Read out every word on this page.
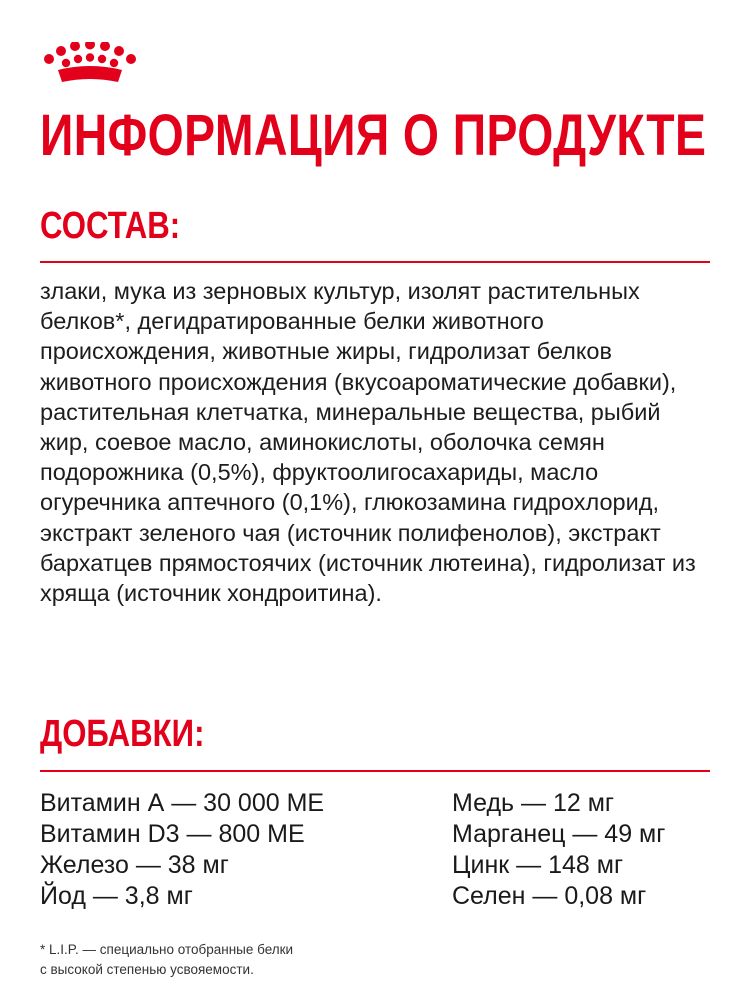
ИНФОРМАЦИЯ О ПРОДУКТЕ
СОСТАВ:

злаки, мука из зерновых культур, изолят растительных белков*, дегидратированные белки животного происхождения, животные жиры, гидролизат белков животного происхождения (вкусоароматические добавки), растительная клетчатка, минеральные вещества, рыбий жир, соевое масло, аминокислоты, оболочка семян подорожника (0,5%), фруктоолигосахариды, масло огуречника аптечного (0,1%), глюкозамина гидрохлорид, экстракт зеленого чая (источник полифенолов), экстракт бархатцев прямостоячих (источник лютеина), гидролизат из хряща (источник хондроитина).

ДОБАВКИ:
Витамин А — 30 000 МЕ
Витамин D3 — 800 МЕ
Железо — 38 мг
Йод — 3,8 мг
Медь — 12 мг
Марганец — 49 мг
Цинк — 148 мг
Селен — 0,08 мг
* L.I.P. — специально отобранные белки
с высокой степенью усвояемости.
